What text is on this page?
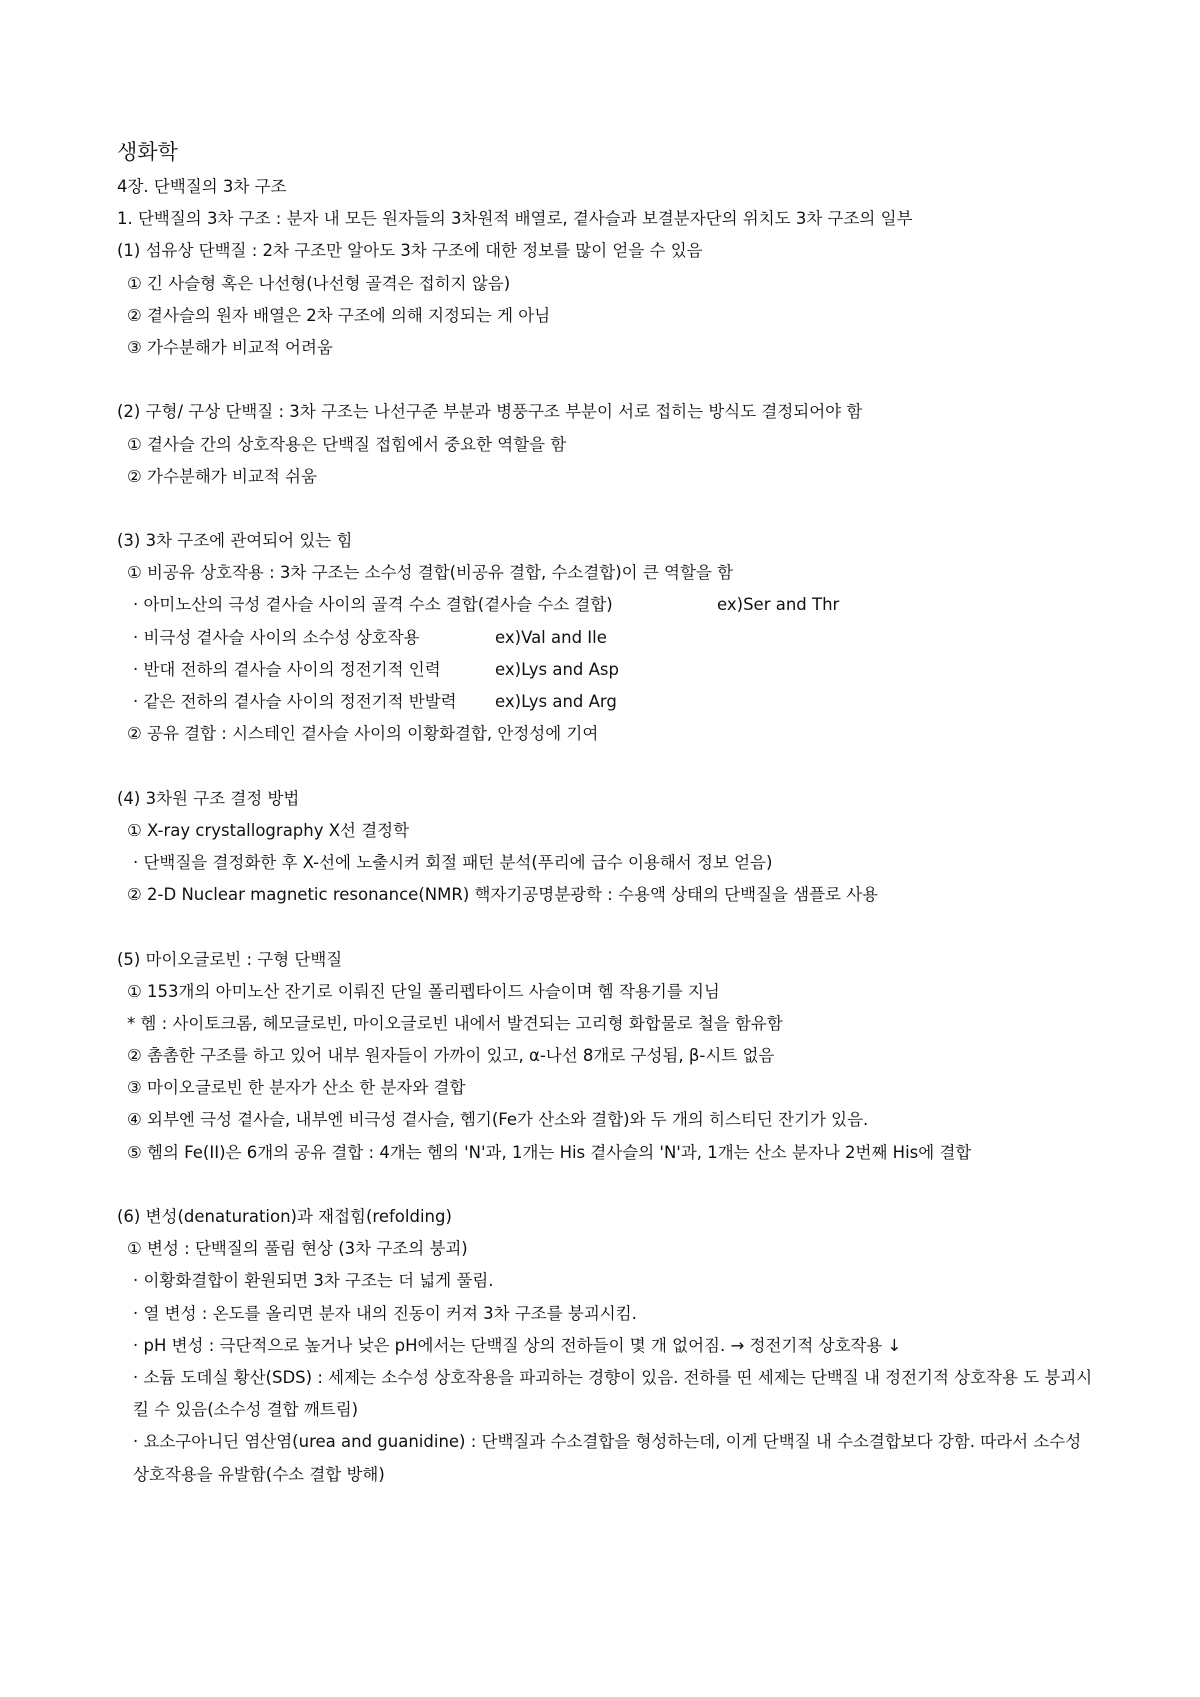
생화학
4장. 단백질의 3차 구조
1. 단백질의 3차 구조 : 분자 내 모든 원자들의 3차원적 배열로, 곁사슬과 보결분자단의 위치도 3차 구조의 일부
(1) 섬유상 단백질 : 2차 구조만 알아도 3차 구조에 대한 정보를 많이 얻을 수 있음
① 긴 사슬형 혹은 나선형(나선형 골격은 접히지 않음)
② 곁사슬의 원자 배열은 2차 구조에 의해 지정되는 게 아님
③ 가수분해가 비교적 어려움
(2) 구형/ 구상 단백질 : 3차 구조는 나선구준 부분과 병풍구조 부분이 서로 접히는 방식도 결정되어야 함
① 곁사슬 간의 상호작용은 단백질 접힘에서 중요한 역할을 함
② 가수분해가 비교적 쉬움
(3) 3차 구조에 관여되어 있는 힘
① 비공유 상호작용 : 3차 구조는 소수성 결합(비공유 결합, 수소결합)이 큰 역할을 함
· 아미노산의 극성 곁사슬 사이의 골격 수소 결합(곁사슬 수소 결합)	ex)Ser and Thr
· 비극성 곁사슬 사이의 소수성 상호작용	ex)Val and Ile
· 반대 전하의 곁사슬 사이의 정전기적 인력	ex)Lys and Asp
· 같은 전하의 곁사슬 사이의 정전기적 반발력 ex)Lys and Arg
② 공유 결합 : 시스테인 곁사슬 사이의 이황화결합, 안정성에 기여
(4) 3차원 구조 결정 방법
① X-ray crystallography X선 결정학
· 단백질을 결정화한 후 X-선에 노출시켜 회절 패턴 분석(푸리에 급수 이용해서 정보 얻음)
② 2-D Nuclear magnetic resonance(NMR) 핵자기공명분광학 : 수용액 상태의 단백질을 샘플로 사용
(5) 마이오글로빈 : 구형 단백질
① 153개의 아미노산 잔기로 이뤄진 단일 폴리펩타이드 사슬이며 헴 작용기를 지님
* 헴 : 사이토크롬, 헤모글로빈, 마이오글로빈 내에서 발견되는 고리형 화합물로 철을 함유함
② 촘촘한 구조를 하고 있어 내부 원자들이 가까이 있고, α-나선 8개로 구성됨, β-시트 없음
③ 마이오글로빈 한 분자가 산소 한 분자와 결합
④ 외부엔 극성 곁사슬, 내부엔 비극성 곁사슬, 헴기(Fe가 산소와 결합)와 두 개의 히스티딘 잔기가 있음.
⑤ 헴의 Fe(II)은 6개의 공유 결합 : 4개는 헴의 'N'과, 1개는 His 곁사슬의 'N'과, 1개는 산소 분자나 2번째 His에 결합
(6) 변성(denaturation)과 재접힘(refolding)
① 변성 : 단백질의 풀림 현상 (3차 구조의 붕괴)
· 이황화결합이 환원되면 3차 구조는 더 넓게 풀림.
· 열 변성 : 온도를 올리면 분자 내의 진동이 커져 3차 구조를 붕괴시킴.
· pH 변성 : 극단적으로 높거나 낮은 pH에서는 단백질 상의 전하들이 몇 개 없어짐. → 정전기적 상호작용 ↓
· 소듐 도데실 황산(SDS) : 세제는 소수성 상호작용을 파괴하는 경향이 있음. 전하를 띤 세제는 단백질 내 정전기적 상호작용 도 붕괴시킬 수 있음(소수성 결합 깨트림)
· 요소구아니딘 염산염(urea and guanidine) : 단백질과 수소결합을 형성하는데, 이게 단백질 내 수소결합보다 강함. 따라서 소수성 상호작용을 유발함(수소 결합 방해)
